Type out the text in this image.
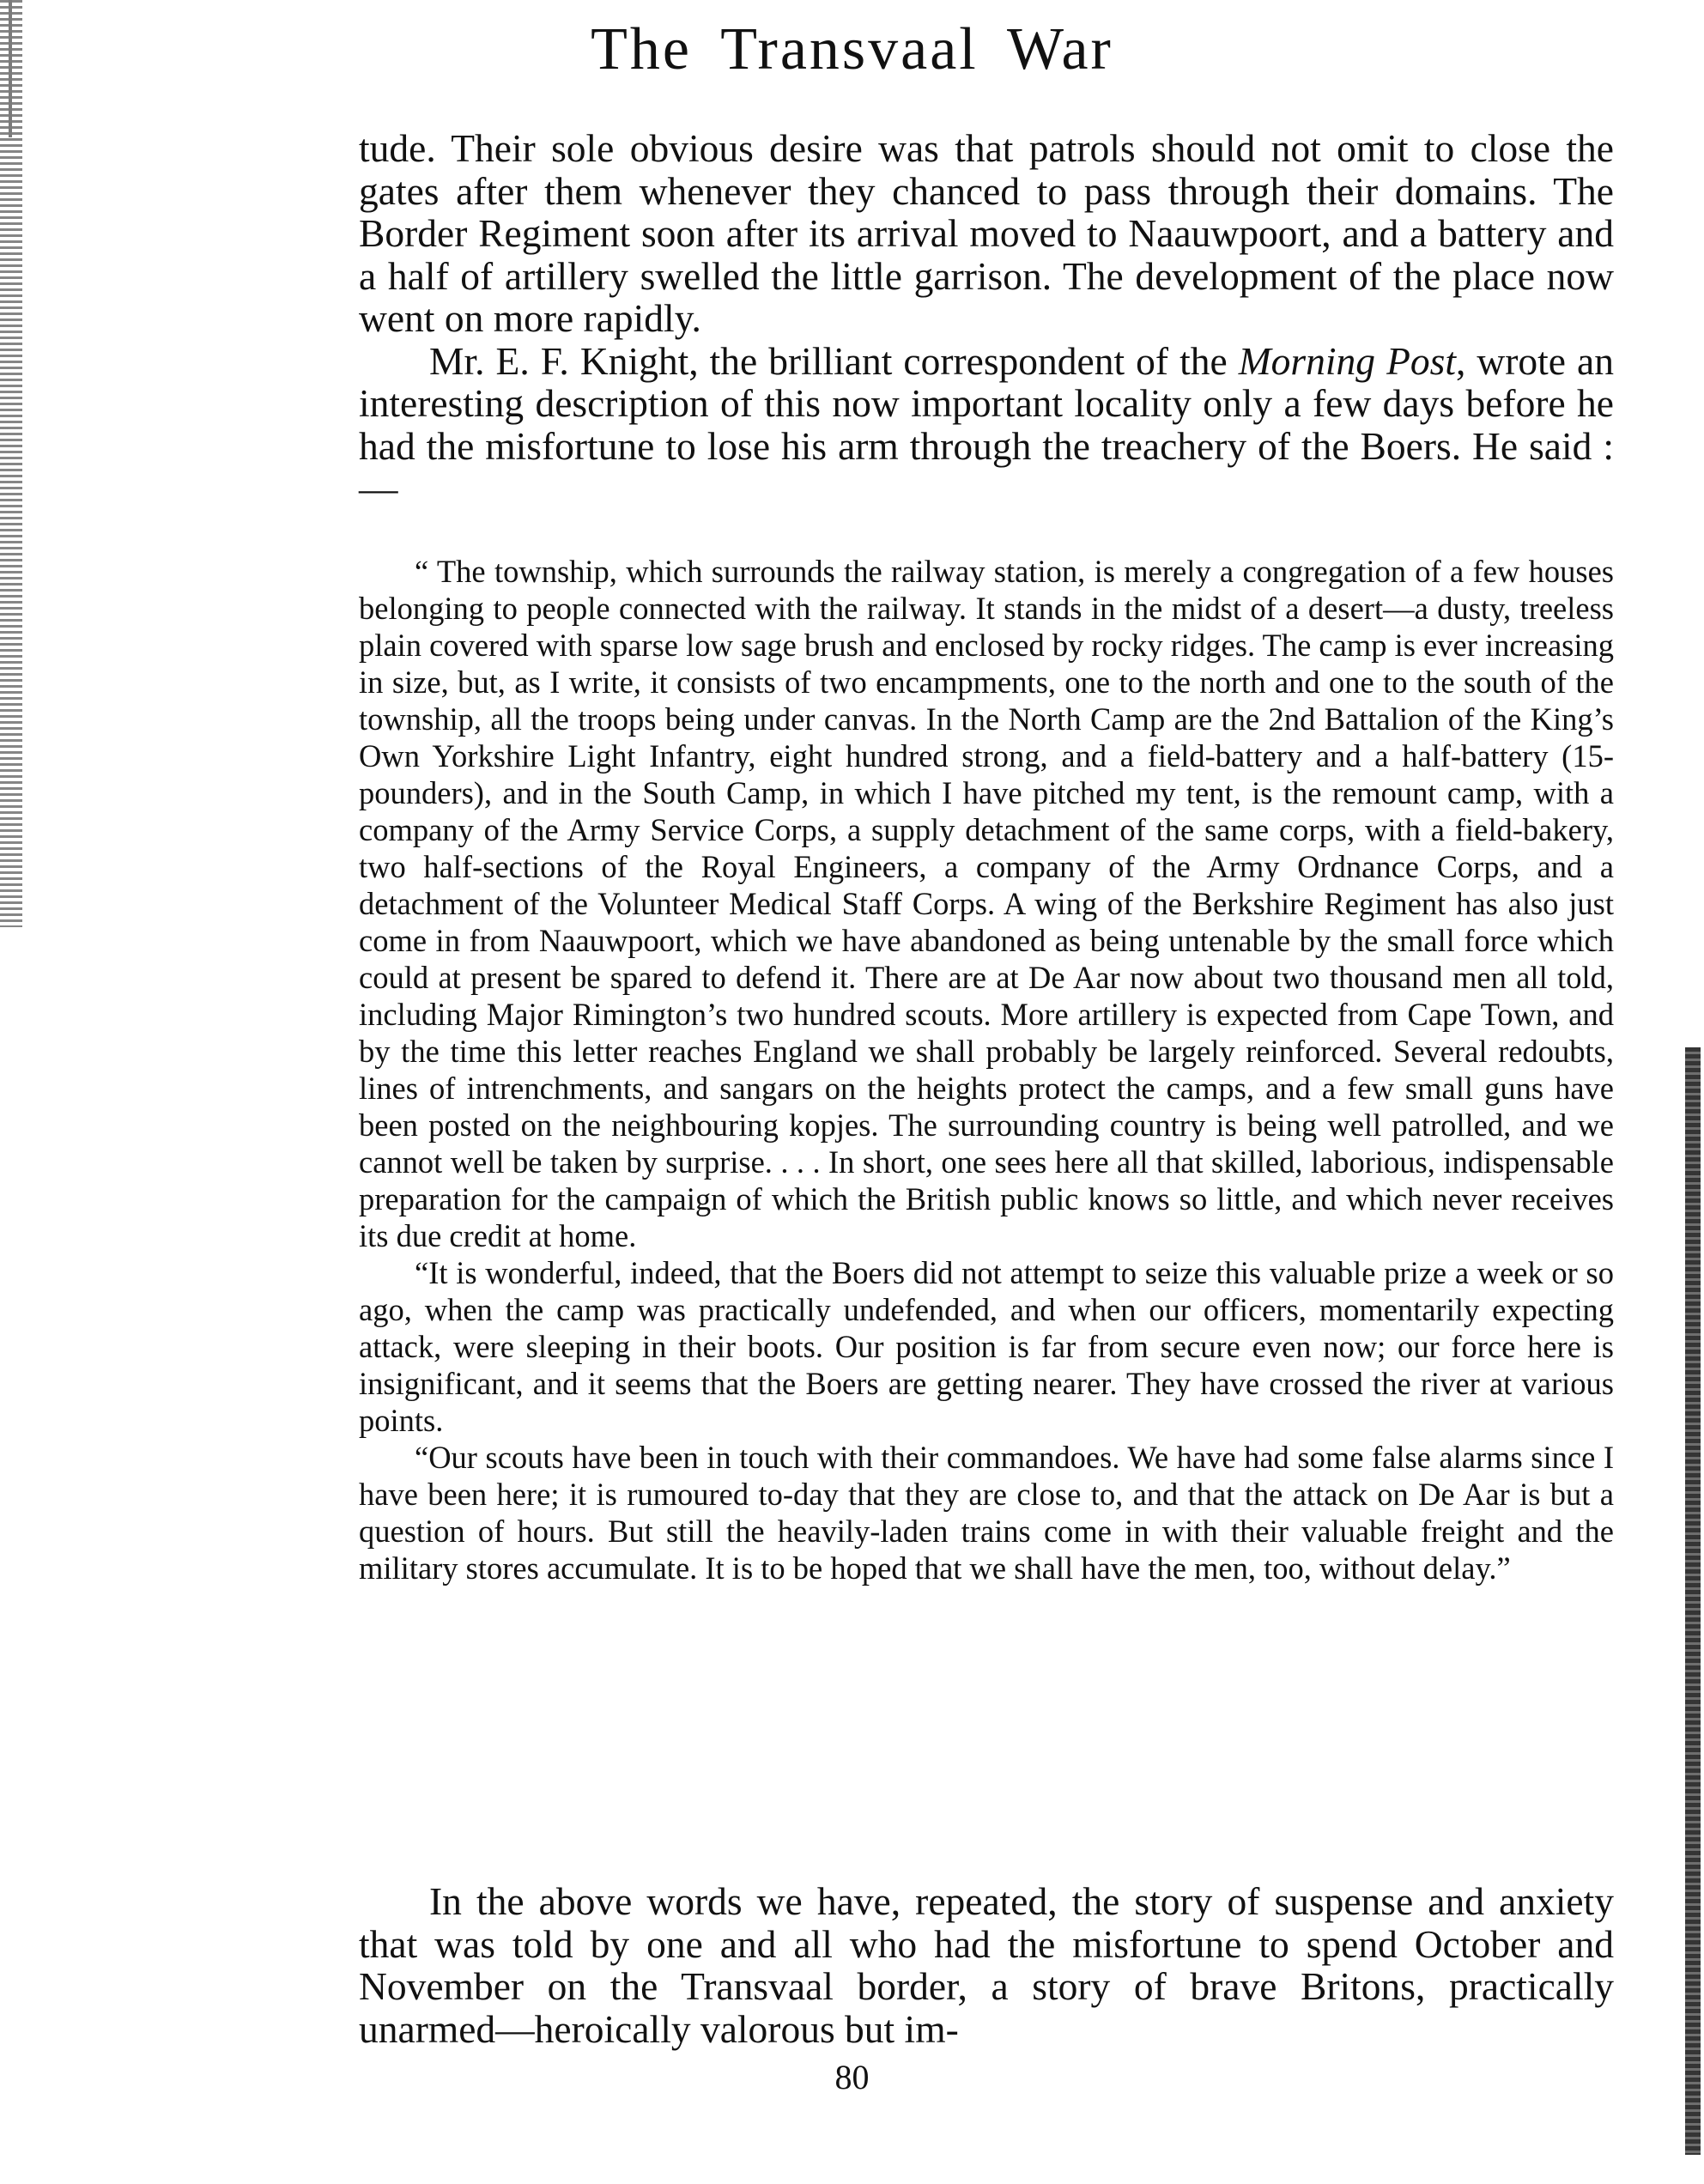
The Transvaal War

tude. Their sole obvious desire was that patrols should not omit to close the gates after them whenever they chanced to pass through their domains. The Border Regiment soon after its arrival moved to Naauwpoort, and a battery and a half of artillery swelled the little garrison. The development of the place now went on more rapidly.

Mr. E. F. Knight, the brilliant correspondent of the Morning Post, wrote an interesting description of this now important locality only a few days before he had the misfortune to lose his arm through the treachery of the Boers. He said :—

“ The township, which surrounds the railway station, is merely a congregation of a few houses belonging to people connected with the railway. It stands in the midst of a desert—a dusty, treeless plain covered with sparse low sage brush and enclosed by rocky ridges. The camp is ever increasing in size, but, as I write, it consists of two encampments, one to the north and one to the south of the township, all the troops being under canvas. In the North Camp are the 2nd Battalion of the King’s Own Yorkshire Light Infantry, eight hundred strong, and a field-battery and a half-battery (15-pounders), and in the South Camp, in which I have pitched my tent, is the remount camp, with a company of the Army Service Corps, a supply detachment of the same corps, with a field-bakery, two half-sections of the Royal Engineers, a company of the Army Ordnance Corps, and a detachment of the Volunteer Medical Staff Corps. A wing of the Berkshire Regiment has also just come in from Naauwpoort, which we have abandoned as being untenable by the small force which could at present be spared to defend it. There are at De Aar now about two thousand men all told, including Major Rimington’s two hundred scouts. More artillery is expected from Cape Town, and by the time this letter reaches England we shall probably be largely reinforced. Several redoubts, lines of intrenchments, and sangars on the heights protect the camps, and a few small guns have been posted on the neighbouring kopjes. The surrounding country is being well patrolled, and we cannot well be taken by surprise. . . . In short, one sees here all that skilled, laborious, indispensable preparation for the campaign of which the British public knows so little, and which never receives its due credit at home.

“It is wonderful, indeed, that the Boers did not attempt to seize this valuable prize a week or so ago, when the camp was practically undefended, and when our officers, momentarily expecting attack, were sleeping in their boots. Our position is far from secure even now; our force here is insignificant, and it seems that the Boers are getting nearer. They have crossed the river at various points.

“Our scouts have been in touch with their commandoes. We have had some false alarms since I have been here; it is rumoured to-day that they are close to, and that the attack on De Aar is but a question of hours. But still the heavily-laden trains come in with their valuable freight and the military stores accumulate. It is to be hoped that we shall have the men, too, without delay.”

In the above words we have, repeated, the story of suspense and anxiety that was told by one and all who had the misfortune to spend October and November on the Transvaal border, a story of brave Britons, practically unarmed—heroically valorous but im-

80
